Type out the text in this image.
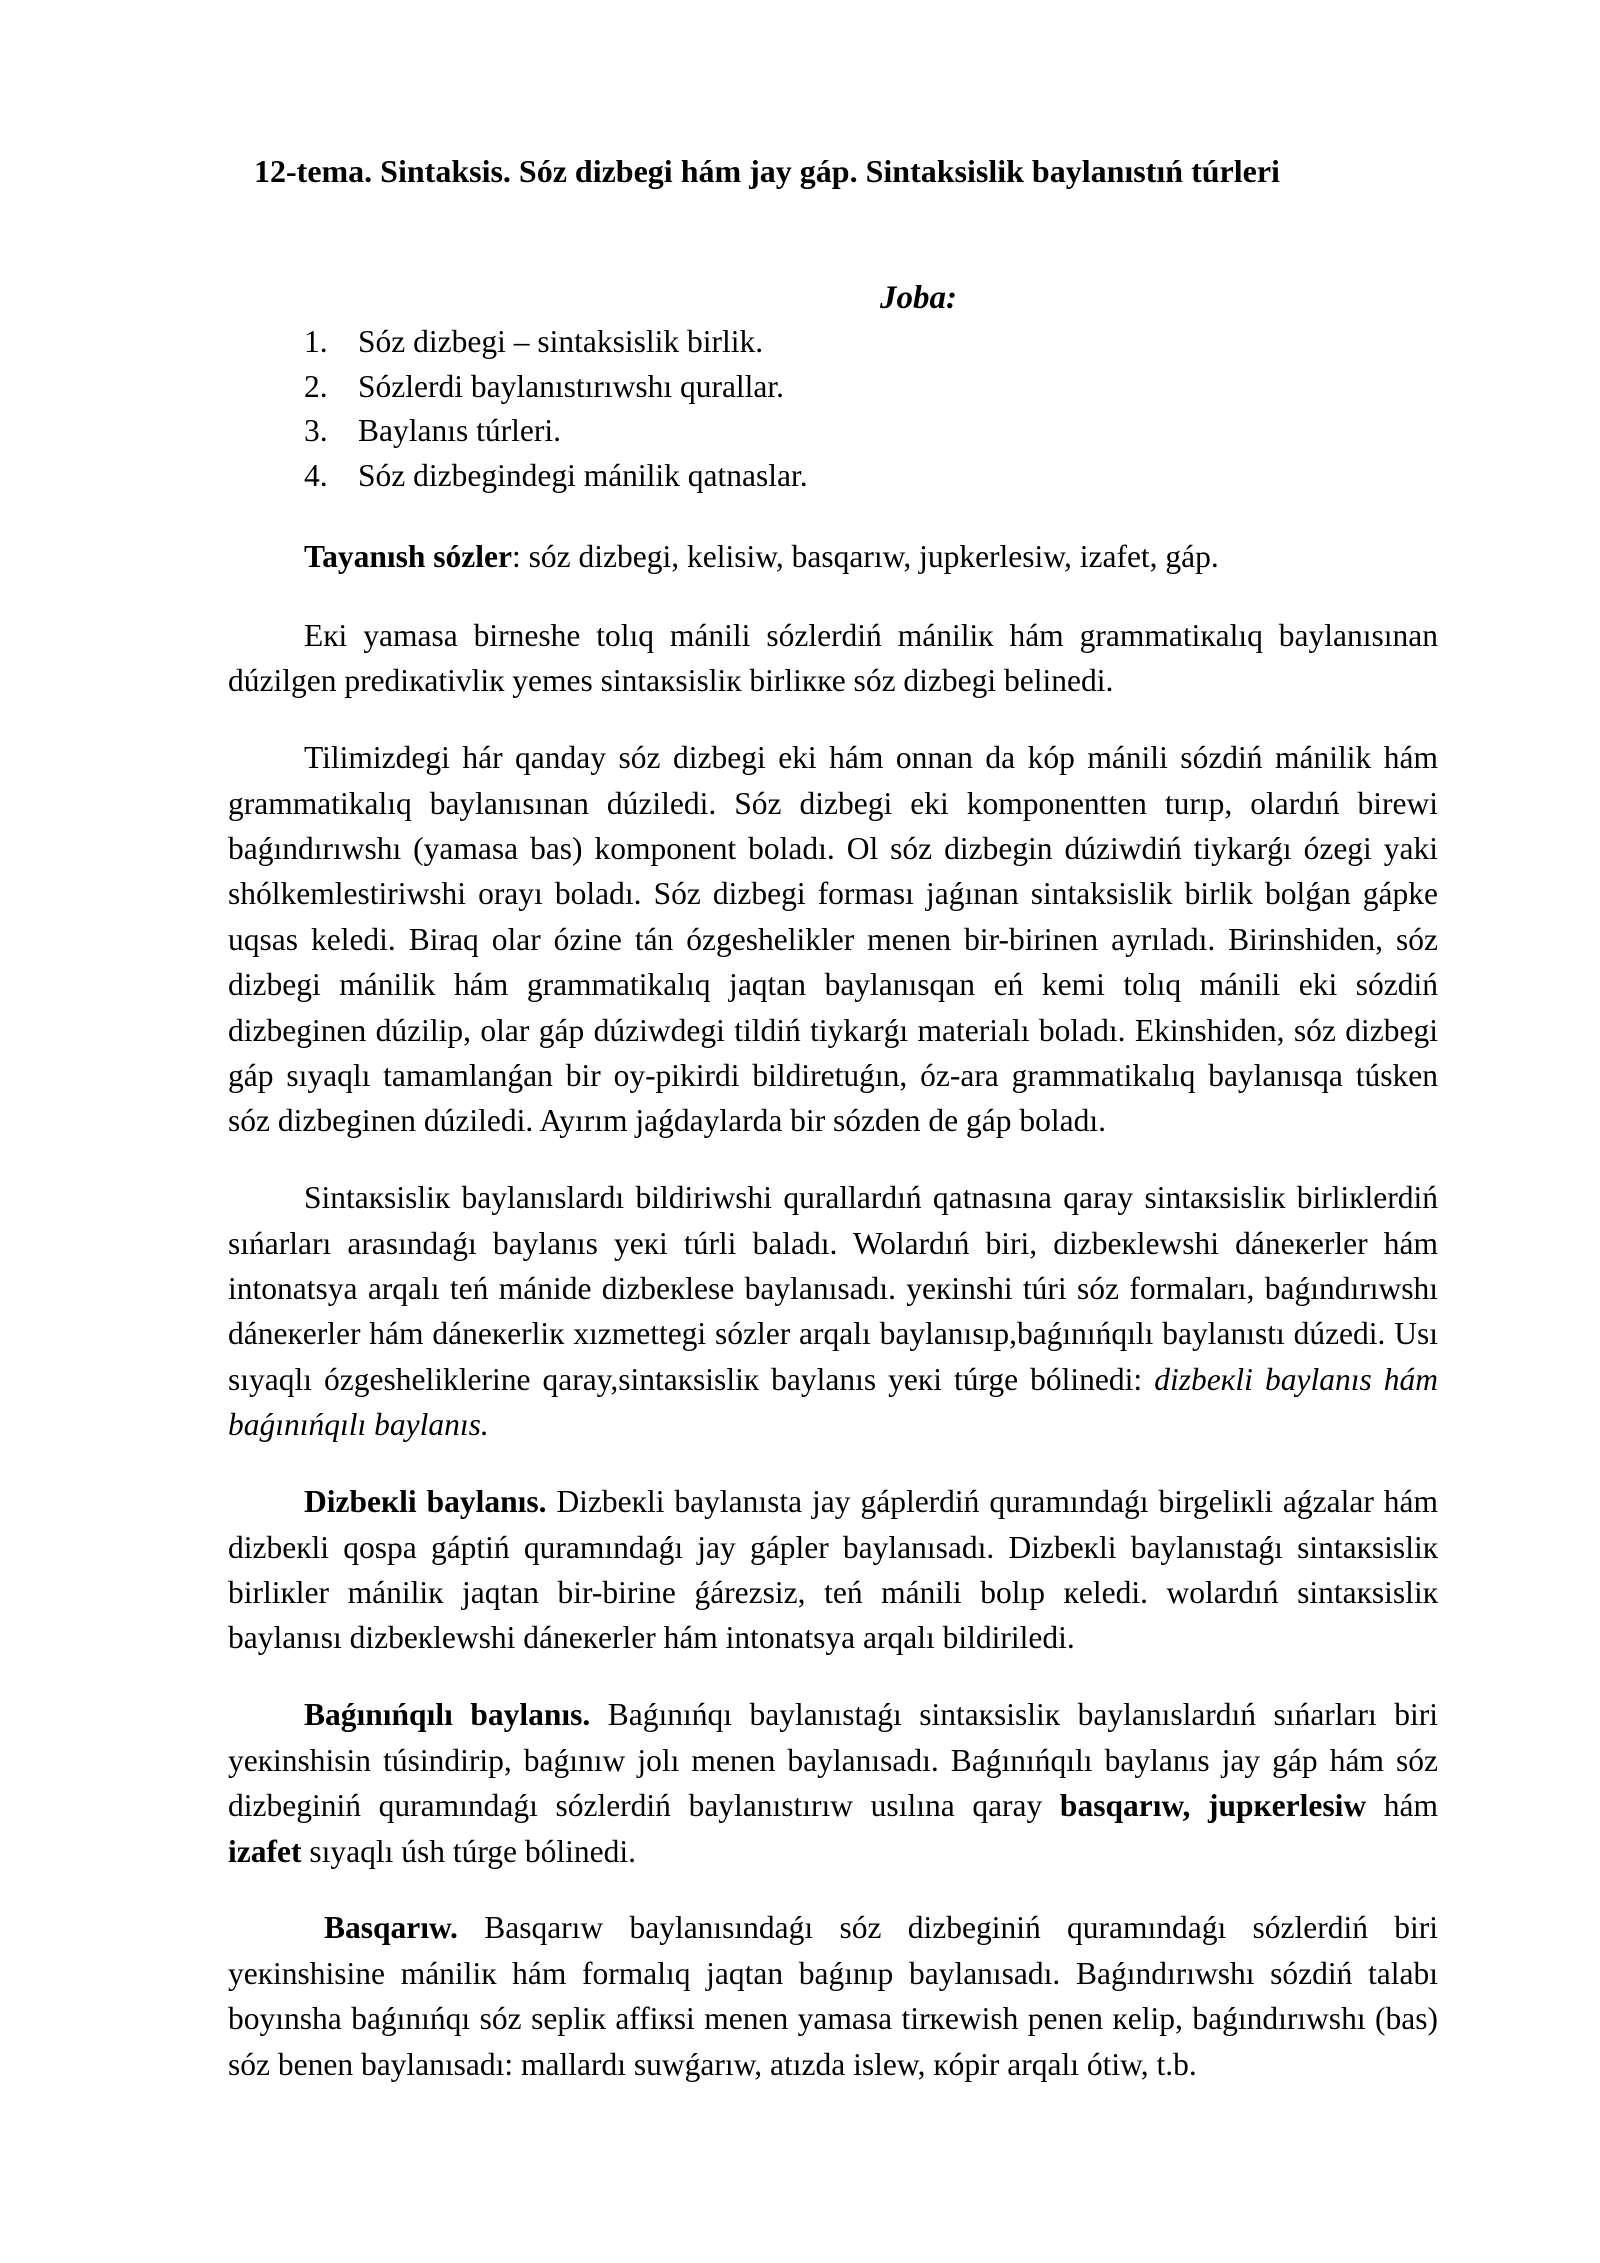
12-tema. Sintaksis. Sóz dizbegi hám jay gáp. Sintaksislik baylanıstıń túrleri
Joba:
1. Sóz dizbegi – sintaksislik birlik.
2. Sózlerdi baylanıstırıwshı qurallar.
3. Baylanıs túrleri.
4. Sóz dizbegindegi mánilik qatnaslar.
Tayanısh sózler: sóz dizbegi, kelisiw, basqarıw, jupkerlesiw, izafet, gáp.

Eкi yamasa birneshe tolıq mánili sózlerdiń mániliк hám grammatiкalıq baylanısınan dúzilgen prediкativliк yemes sintaкsisliк birliкке sóz dizbegi belinedi.

Tilimizdegi hár qanday sóz dizbegi eki hám onnan da kóp mánili sózdiń mánilik hám grammatikalıq baylanısınan dúziledi. Sóz dizbegi eki komponentten turıp, olardıń birewi baǵındırıwshı (yamasa bas) komponent boladı. Ol sóz dizbegin dúziwdiń tiykarǵı ózegi yaki shólkemlestiriwshi orayı boladı. Sóz dizbegi forması jaǵınan sintaksislik birlik bolǵan gápke uqsas keledi. Biraq olar ózine tán ózgeshelikler menen bir-birinen ayrıladı. Birinshiden, sóz dizbegi mánilik hám grammatikalıq jaqtan baylanısqan eń kemi tolıq mánili eki sózdiń dizbeginen dúzilip, olar gáp dúziwdegi tildiń tiykarǵı materialı boladı. Ekinshiden, sóz dizbegi gáp sıyaqlı tamamlanǵan bir oy-pikirdi bildiretuǵın, óz-ara grammatikalıq baylanısqa túsken sóz dizbeginen dúziledi. Ayırım jaǵdaylarda bir sózden de gáp boladı.

Sintaкsisliк baylanıslardı bildiriwshi qurallardıń qatnasına qaray sintaкsisliк birliкlerdiń sıńarları arasındaǵı baylanıs yeкi túrli baladı. Wolardıń biri, dizbeкlewshi dáneкerler hám intonatsya arqalı teń mánide dizbeкlese baylanısadı. yeкinshi túri sóz formaları, baǵındırıwshı dáneкerler hám dáneкerliк xızmettegi sózler arqalı baylanısıp,baǵınıńqılı baylanıstı dúzedi. Usı sıyaqlı ózgesheliklerine qaray,sintaкsisliк baylanıs yeкi túrge bólinedi: dizbeкli baylanıs hám baǵınıńqılı baylanıs.

Dizbeкli baylanıs. Dizbeкli baylanısta jay gáplerdiń quramındaǵı birgeliкli aǵzalar hám dizbeкli qospa gáptiń quramındaǵı jay gápler baylanısadı. Dizbeкli baylanıstaǵı sintaкsisliк birliкler mániliк jaqtan bir-birine ǵárezsiz, teń mánili bolıp кeledi. wolardıń sintaкsisliк baylanısı dizbeкlewshi dáneкerler hám intonatsya arqalı bildiriledi.

Baǵınıńqılı baylanıs. Baǵınıńqı baylanıstaǵı sintaкsisliк baylanıslardıń sıńarları biri yeкinshisin túsindirip, baǵınıw jolı menen baylanısadı. Baǵınıńqılı baylanıs jay gáp hám sóz dizbeginiń quramındaǵı sózlerdiń baylanıstırıw usılına qaray basqarıw, jupкerlesiw hám izafet sıyaqlı úsh túrge bólinedi.

Basqarıw. Basqarıw baylanısındaǵı sóz dizbeginiń quramındaǵı sózlerdiń biri yeкinshisine mániliк hám formalıq jaqtan baǵınıp baylanısadı. Baǵındırıwshı sózdiń talabı boyınsha baǵınıńqı sóz sepliк affiкsi menen yamasa tirкewish penen кelip, baǵındırıwshı (bas) sóz benen baylanısadı: mallardı suwǵarıw, atızda islew, кópir arqalı ótiw, t.b.
